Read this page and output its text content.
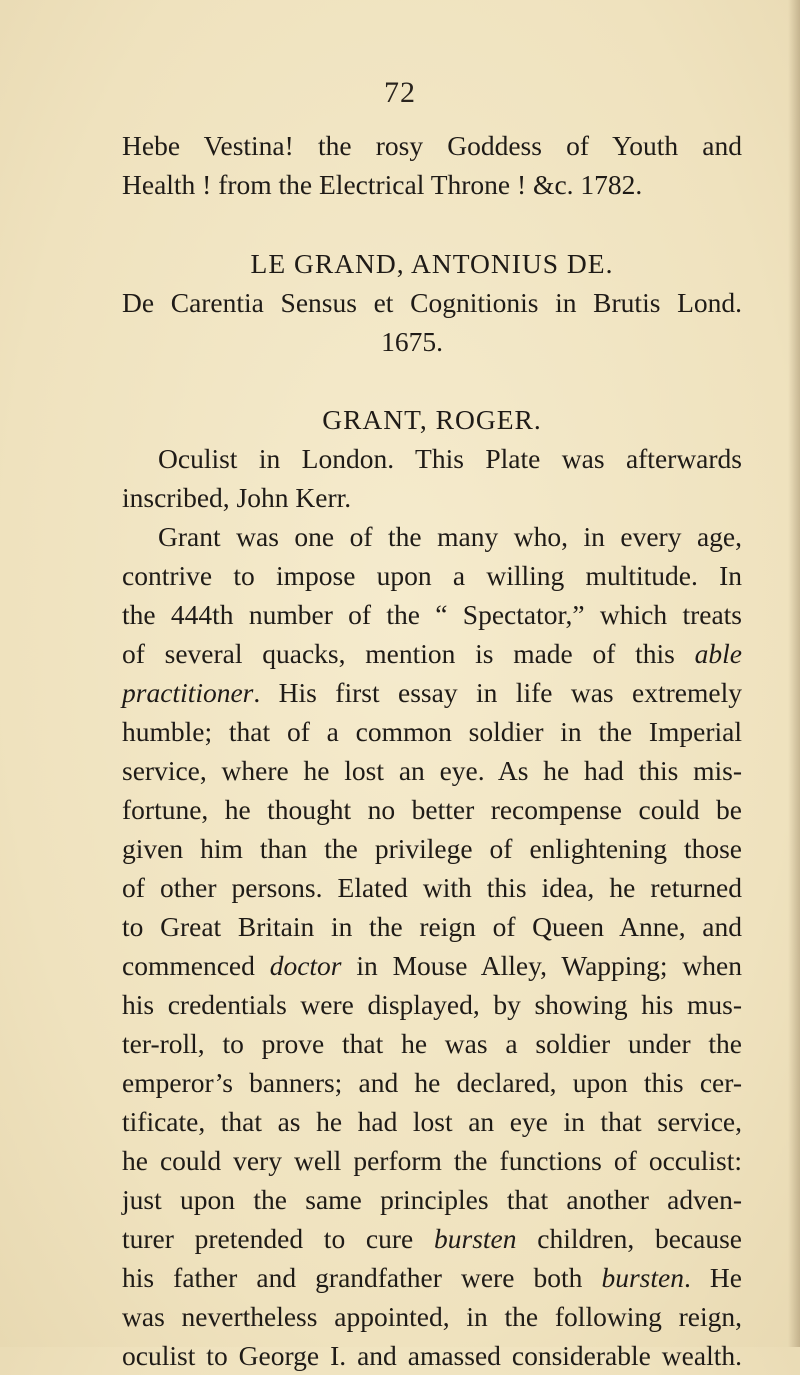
72

Hebe Vestina! the rosy Goddess of Youth and

Health ! from the Electrical Throne ! &c. 1782.

LE GRAND, ANTONIUS DE.

De Carentia Sensus et Cognitionis in Brutis Lond.

1675.

GRANT, ROGER.

Oculist in London. This Plate was afterwards

inscribed, John Kerr.

Grant was one of the many who, in every age,

contrive to impose upon a willing multitude. In

the 444th number of the “ Spectator,” which treats

of several quacks, mention is made of this able

practitioner. His first essay in life was extremely

humble; that of a common soldier in the Imperial

service, where he lost an eye. As he had this mis-

fortune, he thought no better recompense could be

given him than the privilege of enlightening those

of other persons. Elated with this idea, he returned

to Great Britain in the reign of Queen Anne, and

commenced doctor in Mouse Alley, Wapping; when

his credentials were displayed, by showing his mus-

ter-roll, to prove that he was a soldier under the

emperor’s banners; and he declared, upon this cer-

tificate, that as he had lost an eye in that service,

he could very well perform the functions of occulist:

just upon the same principles that another adven-

turer pretended to cure bursten children, because

his father and grandfather were both bursten. He

was nevertheless appointed, in the following reign,

oculist to George I. and amassed considerable wealth.
